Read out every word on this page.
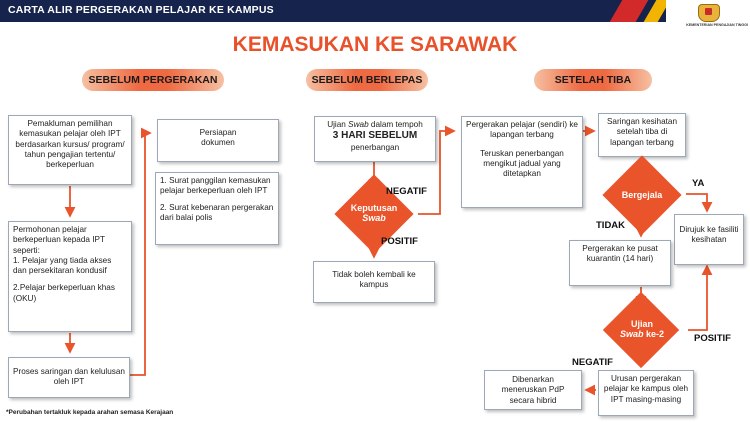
CARTA ALIR PERGERAKAN PELAJAR KE KAMPUS
KEMENTERIAN PENGAJIAN TINGGI
KEMASUKAN KE SARAWAK
SEBELUM PERGERAKAN	SEBELUM BERLEPAS	SETELAH TIBA
Pemakluman pemilihan kemasukan pelajar oleh IPT berdasarkan kursus/ program/ tahun pengajian tertentu/ berkeperluan
Permohonan pelajar berkeperluan kepada IPT seperti:
1. Pelajar yang tiada akses dan persekitaran kondusif
2.Pelajar berkeperluan khas (OKU)
Proses saringan dan kelulusan oleh IPT
Persiapan dokumen
1. Surat panggilan kemasukan pelajar berkeperluan oleh IPT
2. Surat kebenaran pergerakan dari balai polis
Ujian Swab dalam tempoh
3 HARI SEBELUM
penerbangan
Keputusan
Swab
NEGATIF
POSITIF
Tidak boleh kembali ke kampus
Pergerakan pelajar (sendiri) ke lapangan terbang
Teruskan penerbangan mengikut jadual yang ditetapkan
Saringan kesihatan setelah tiba di lapangan terbang
Bergejala
YA
TIDAK	Dirujuk ke fasiliti kesihatan
Pergerakan ke pusat kuarantin (14 hari)
Ujian
Swab ke-2	POSITIF
NEGATIF
Urusan pergerakan pelajar ke kampus oleh IPT masing-masing
Dibenarkan meneruskan PdP secara hibrid
*Perubahan tertakluk kepada arahan semasa Kerajaan
